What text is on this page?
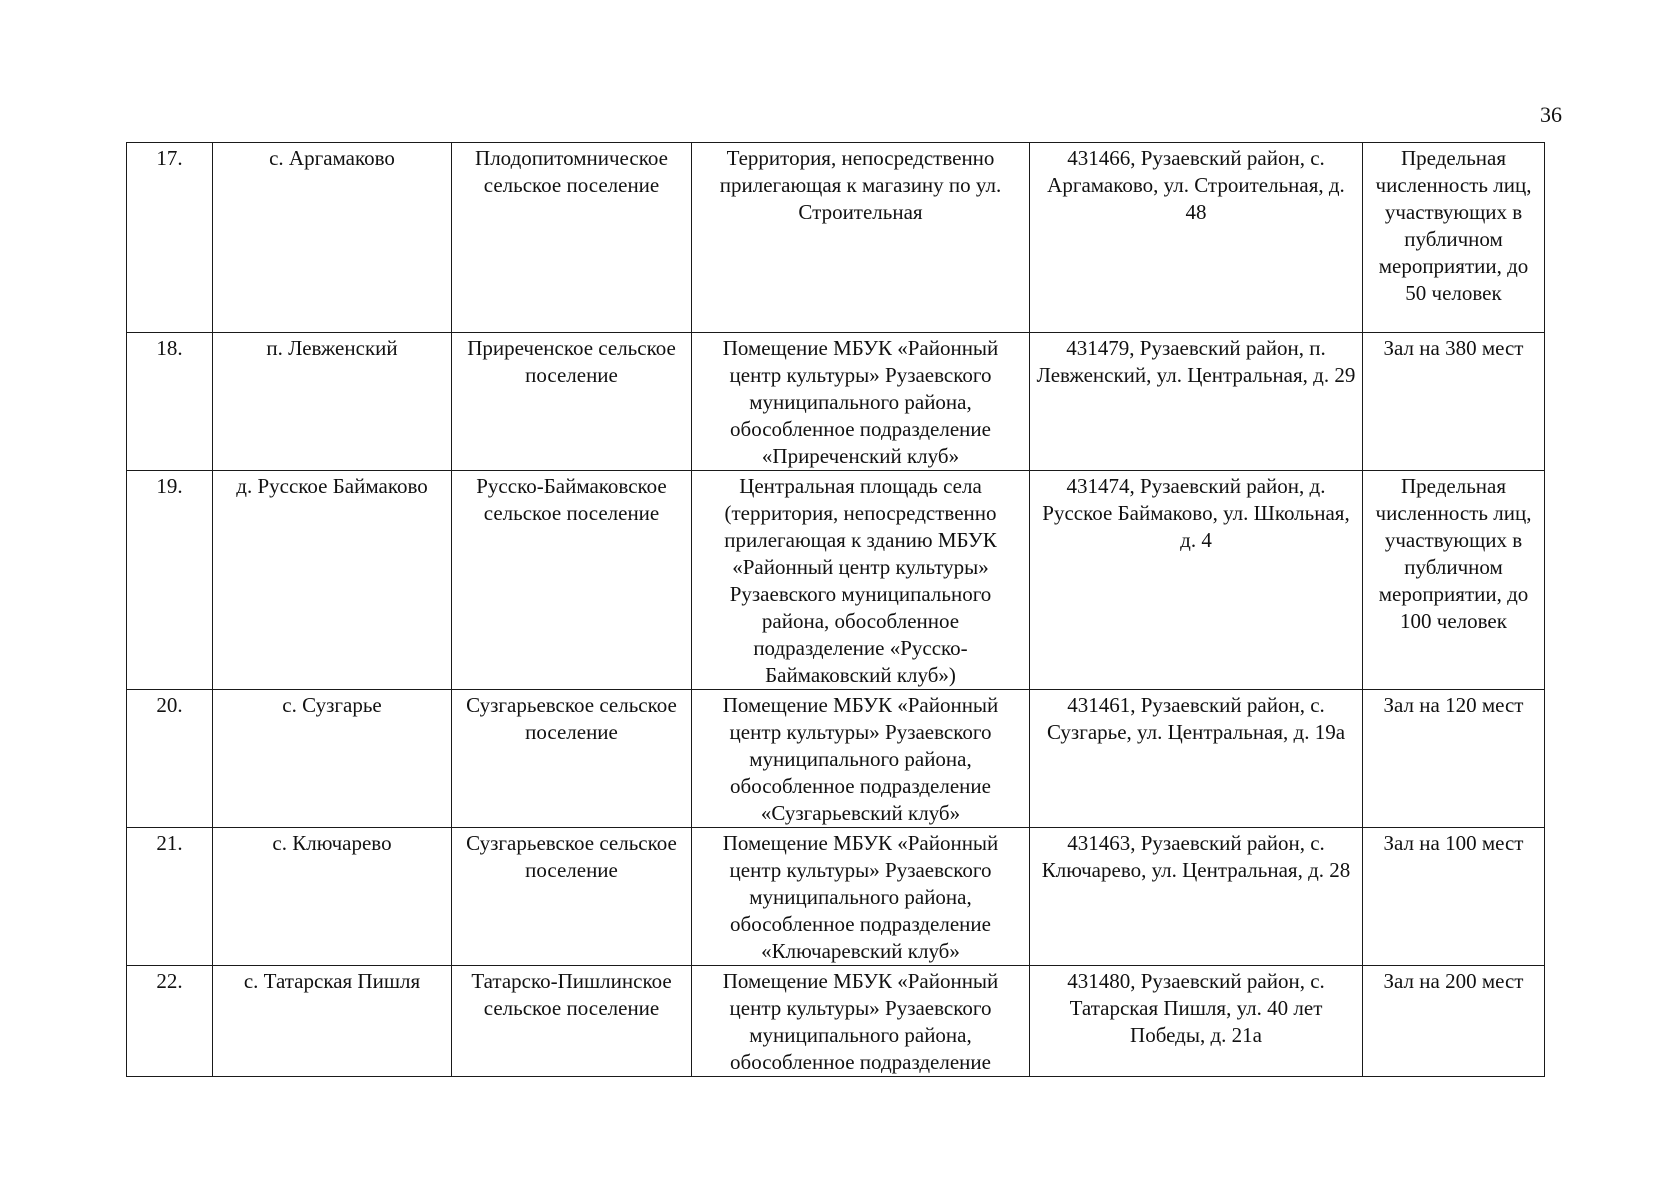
36
17.	с. Аргамаково	Плодопитомническое сельское поселение	Территория, непосредственно прилегающая к магазину по ул. Строительная	431466, Рузаевский район, с. Аргамаково, ул. Строительная, д. 48	Предельная численность лиц, участвующих в публичном мероприятии, до 50 человек
18.	п. Левженский	Приреченское сельское поселение	Помещение МБУК «Районный центр культуры» Рузаевского муниципального района, обособленное подразделение «Приреченский клуб»	431479, Рузаевский район, п. Левженский, ул. Центральная, д. 29	Зал на 380 мест
19.	д. Русское Баймаково	Русско-Баймаковское сельское поселение	Центральная площадь села (территория, непосредственно прилегающая к зданию МБУК «Районный центр культуры» Рузаевского муниципального района, обособленное подразделение «Русско-Баймаковский клуб»)	431474, Рузаевский район, д. Русское Баймаково, ул. Школьная, д. 4	Предельная численность лиц, участвующих в публичном мероприятии, до 100 человек
20.	с. Сузгарье	Сузгарьевское сельское поселение	Помещение МБУК «Районный центр культуры» Рузаевского муниципального района, обособленное подразделение «Сузгарьевский клуб»	431461, Рузаевский район, с. Сузгарье, ул. Центральная, д. 19а	Зал на 120 мест
21.	с. Ключарево	Сузгарьевское сельское поселение	Помещение МБУК «Районный центр культуры» Рузаевского муниципального района, обособленное подразделение «Ключаревский клуб»	431463, Рузаевский район, с. Ключарево, ул. Центральная, д. 28	Зал на 100 мест
22.	с. Татарская Пишля	Татарско-Пишлинское сельское поселение	Помещение МБУК «Районный центр культуры» Рузаевского муниципального района, обособленное подразделение	431480, Рузаевский район, с. Татарская Пишля, ул. 40 лет Победы, д. 21а	Зал на 200 мест
